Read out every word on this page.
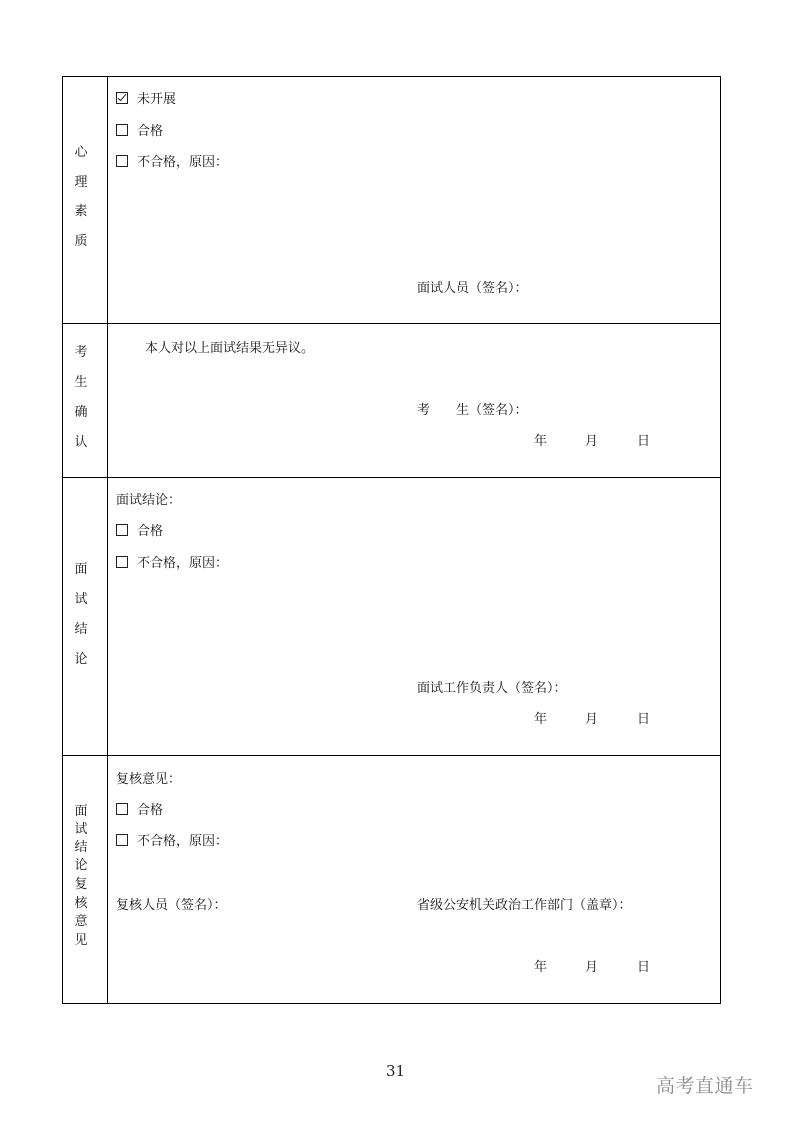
心
理
素
质
未开展
合格
不合格，原因：
面试人员（签名）：
考
生
确
认
本人对以上面试结果无异议。
考　　生（签名）：
年	月	日
面
试
结
论
面试结论：
合格
不合格，原因：
面试工作负责人（签名）：
年	月	日
面
试
结
论
复
核
意
见
复核意见：
合格
不合格，原因：
复核人员（签名）：	省级公安机关政治工作部门（盖章）：
年	月	日
31
高考直通车
